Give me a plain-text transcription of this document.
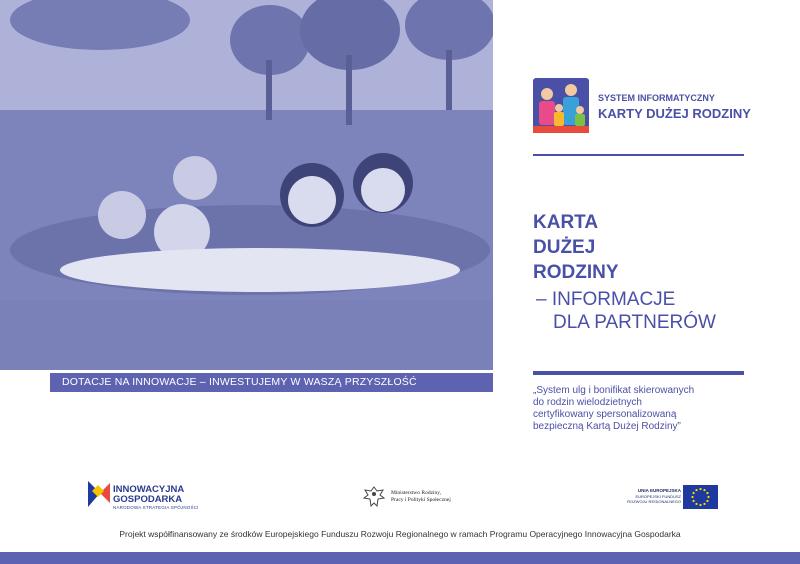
DOTACJE NA INNOWACJE – INWESTUJEMY W WASZĄ PRZYSZŁOŚĆ
SYSTEM INFORMATYCZNY
KARTY DUŻEJ RODZINY
KARTA
DUŻEJ
RODZINY
– INFORMACJE
DLA PARTNERÓW
„System ulg i bonifikat skierowanych
do rodzin wielodzietnych
certyfikowany spersonalizowaną
bezpieczną Kartą Dużej Rodziny”
INNOWACYJNA
GOSPODARKA
NARODOWA STRATEGIA SPÓJNOŚCI
Ministerstwo Rodziny,
Pracy i Polityki Społecznej
UNIA EUROPEJSKA
EUROPEJSKI FUNDUSZ
ROZWOJU REGIONALNEGO
Projekt współfinansowany ze środków Europejskiego Funduszu Rozwoju Regionalnego w ramach Programu Operacyjnego Innowacyjna Gospodarka
